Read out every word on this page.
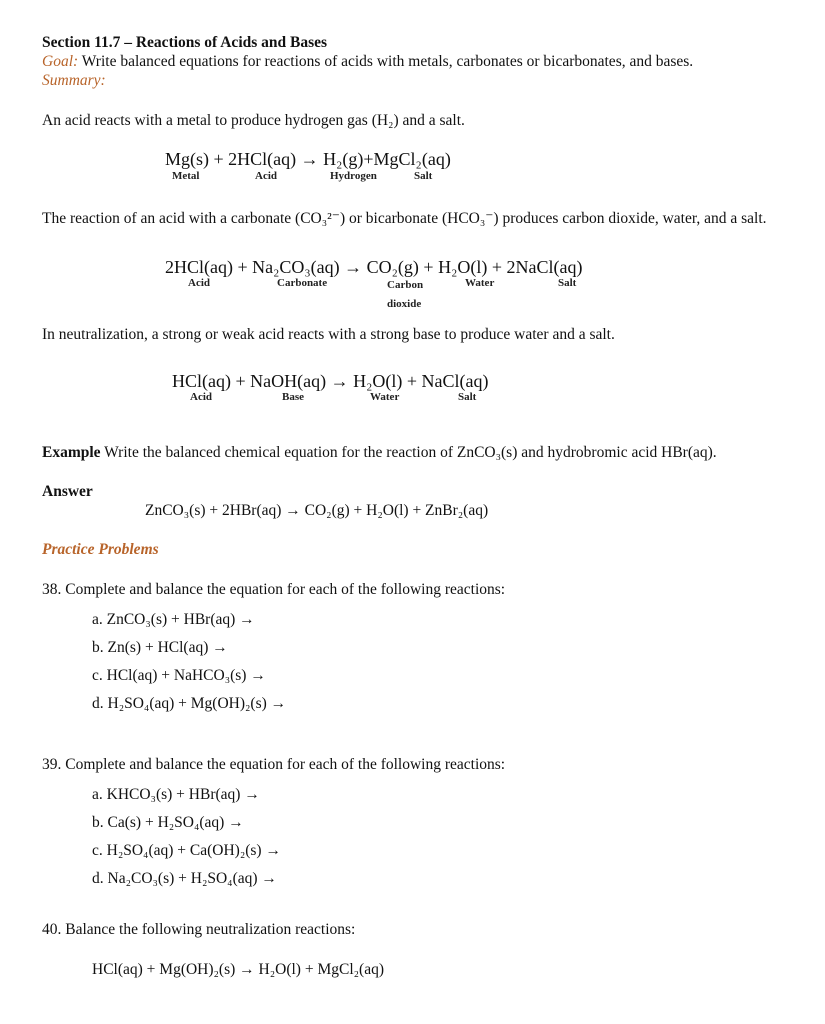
Section 11.7 – Reactions of Acids and Bases
Goal: Write balanced equations for reactions of acids with metals, carbonates or bicarbonates, and bases.
Summary:
An acid reacts with a metal to produce hydrogen gas (H₂) and a salt.
Mg(s) + 2HCl(aq) → H₂(g)+MgCl₂(aq)
Metal	Acid	Hydrogen	Salt
The reaction of an acid with a carbonate (CO₃²⁻) or bicarbonate (HCO₃⁻) produces carbon dioxide, water, and a salt.
2HCl(aq) + Na₂CO₃(aq) → CO₂(g) + H₂O(l) + 2NaCl(aq)
Acid	Carbonate	Carbon
dioxide
Water	Salt
In neutralization, a strong or weak acid reacts with a strong base to produce water and a salt.
HCl(aq) + NaOH(aq) → H₂O(l) + NaCl(aq)
Acid	Base	Water	Salt
Example Write the balanced chemical equation for the reaction of ZnCO₃(s) and hydrobromic acid HBr(aq).
Answer
ZnCO₃(s) + 2HBr(aq) → CO₂(g) + H₂O(l) + ZnBr₂(aq)
Practice Problems
38. Complete and balance the equation for each of the following reactions:
a. ZnCO₃(s) + HBr(aq) →
b. Zn(s) + HCl(aq) →
c. HCl(aq) + NaHCO₃(s) →
d. H₂SO₄(aq) + Mg(OH)₂(s) →
39. Complete and balance the equation for each of the following reactions:
a. KHCO₃(s) + HBr(aq) →
b. Ca(s) + H₂SO₄(aq) →
c. H₂SO₄(aq) + Ca(OH)₂(s) →
d. Na₂CO₃(s) + H₂SO₄(aq) →
40. Balance the following neutralization reactions:
HCl(aq) + Mg(OH)₂(s) → H₂O(l) + MgCl₂(aq)
